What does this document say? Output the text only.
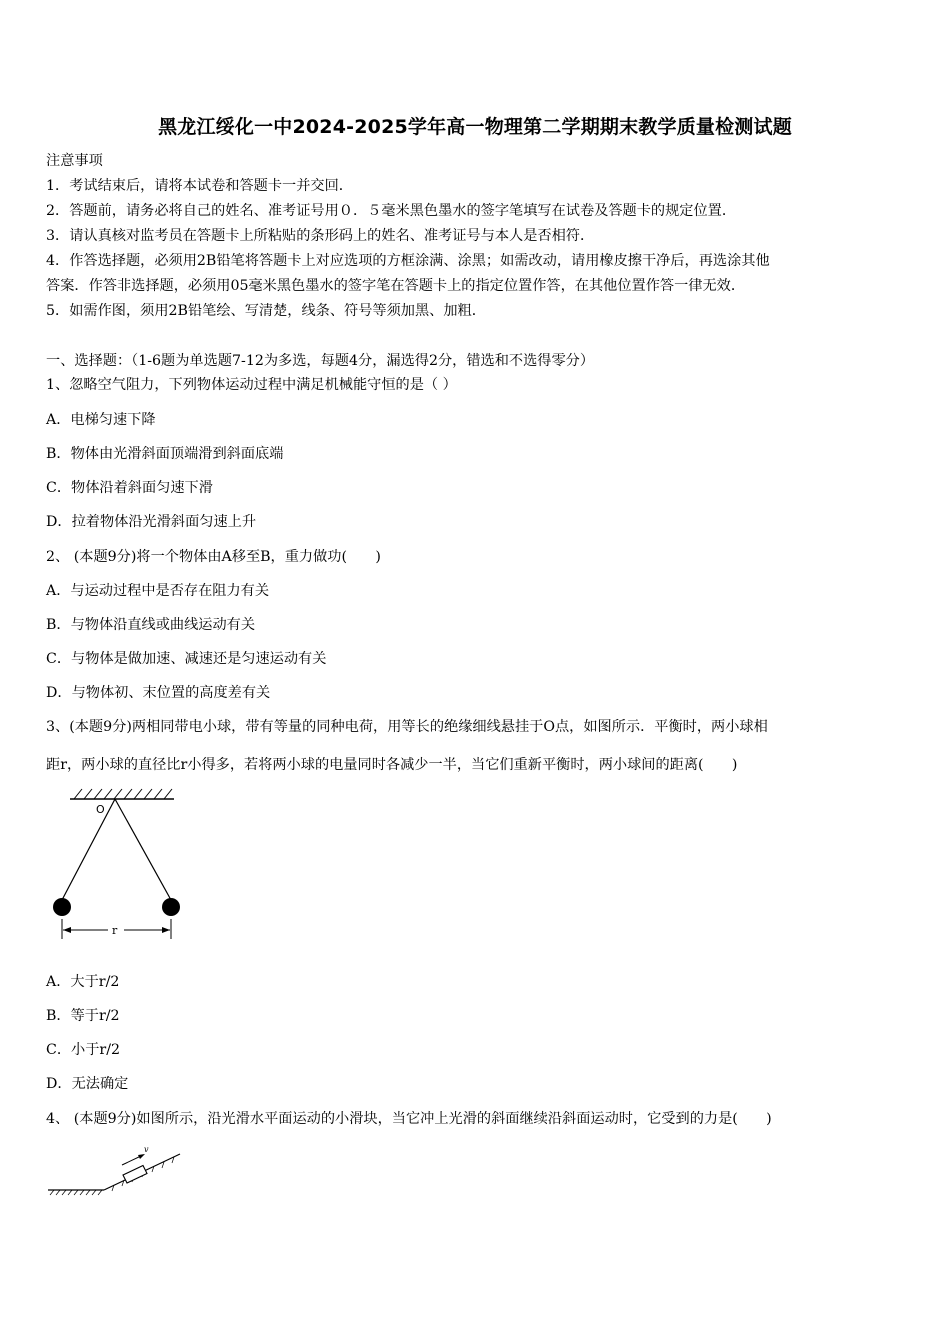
黑龙江绥化一中2024-2025学年高一物理第二学期期末教学质量检测试题
注意事项
1．考试结束后，请将本试卷和答题卡一并交回．
2．答题前，请务必将自己的姓名、准考证号用０．５毫米黑色墨水的签字笔填写在试卷及答题卡的规定位置．
3．请认真核对监考员在答题卡上所粘贴的条形码上的姓名、准考证号与本人是否相符．
4．作答选择题，必须用2B铅笔将答题卡上对应选项的方框涂满、涂黑；如需改动，请用橡皮擦干净后，再选涂其他
答案．作答非选择题，必须用05毫米黑色墨水的签字笔在答题卡上的指定位置作答，在其他位置作答一律无效．
5．如需作图，须用2B铅笔绘、写清楚，线条、符号等须加黑、加粗．
一、选择题：（1-6题为单选题7-12为多选，每题4分，漏选得2分，错选和不选得零分）
1、忽略空气阻力，下列物体运动过程中满足机械能守恒的是（ ）
A．电梯匀速下降
B．物体由光滑斜面顶端滑到斜面底端
C．物体沿着斜面匀速下滑
D．拉着物体沿光滑斜面匀速上升
2、 (本题9分)将一个物体由A移至B，重力做功(　　)
A．与运动过程中是否存在阻力有关
B．与物体沿直线或曲线运动有关
C．与物体是做加速、减速还是匀速运动有关
D．与物体初、末位置的高度差有关
3、(本题9分)两相同带电小球，带有等量的同种电荷，用等长的绝缘细线悬挂于O点，如图所示．平衡时，两小球相
距r，两小球的直径比r小得多，若将两小球的电量同时各减少一半，当它们重新平衡时，两小球间的距离(　　)
O
r
A．大于r/2
B．等于r/2
C．小于r/2
D．无法确定
4、 (本题9分)如图所示，沿光滑水平面运动的小滑块，当它冲上光滑的斜面继续沿斜面运动时，它受到的力是(　　)
v
